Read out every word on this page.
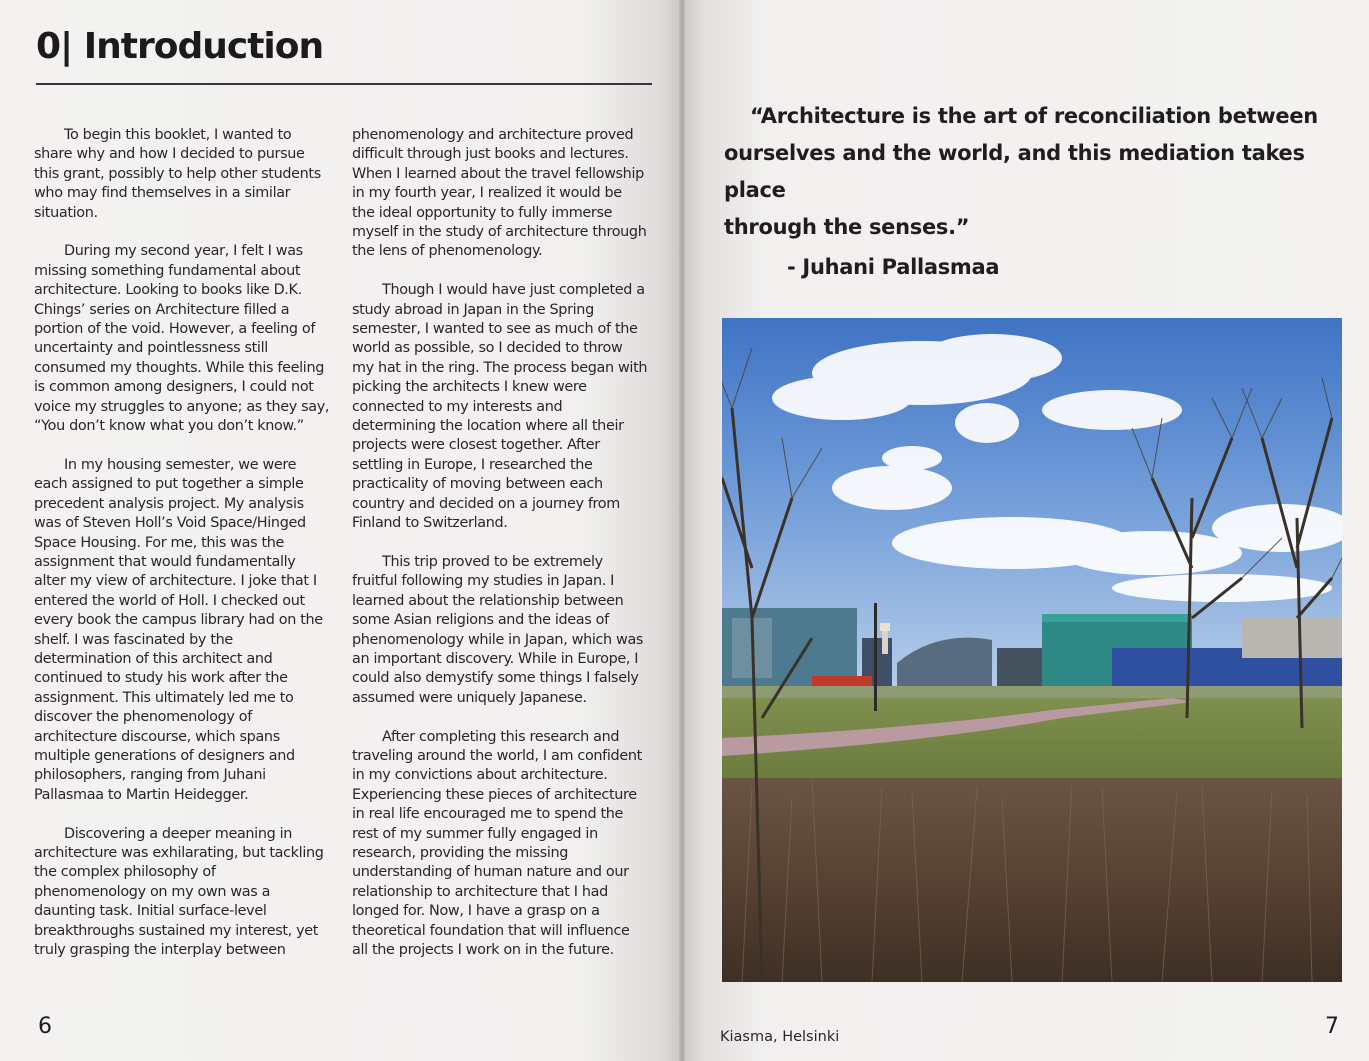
0| Introduction

To begin this booklet, I wanted to share why and how I decided to pursue this grant, possibly to help other students who may find themselves in a similar situation.

During my second year, I felt I was missing something fundamental about architecture. Looking to books like D.K. Chings’ series on Architecture filled a portion of the void. However, a feeling of uncertainty and pointlessness still consumed my thoughts. While this feeling is common among designers, I could not voice my struggles to anyone; as they say, “You don’t know what you don’t know.”

In my housing semester, we were each assigned to put together a simple precedent analysis project. My analysis was of Steven Holl’s Void Space/Hinged Space Housing. For me, this was the assignment that would fundamentally alter my view of architecture. I joke that I entered the world of Holl. I checked out every book the campus library had on the shelf. I was fascinated by the determination of this architect and continued to study his work after the assignment. This ultimately led me to discover the phenomenology of architecture discourse, which spans multiple generations of designers and philosophers, ranging from Juhani Pallasmaa to Martin Heidegger.

Discovering a deeper meaning in architecture was exhilarating, but tackling the complex philosophy of phenomenology on my own was a daunting task. Initial surface-level breakthroughs sustained my interest, yet truly grasping the interplay between

phenomenology and architecture proved difficult through just books and lectures. When I learned about the travel fellowship in my fourth year, I realized it would be the ideal opportunity to fully immerse myself in the study of architecture through the lens of phenomenology.

Though I would have just completed a study abroad in Japan in the Spring semester, I wanted to see as much of the world as possible, so I decided to throw my hat in the ring. The process began with picking the architects I knew were connected to my interests and determining the location where all their projects were closest together. After settling in Europe, I researched the practicality of moving between each country and decided on a journey from Finland to Switzerland.

This trip proved to be extremely fruitful following my studies in Japan. I learned about the relationship between some Asian religions and the ideas of phenomenology while in Japan, which was an important discovery. While in Europe, I could also demystify some things I falsely assumed were uniquely Japanese.

After completing this research and traveling around the world, I am confident in my convictions about architecture. Experiencing these pieces of architecture in real life encouraged me to spend the rest of my summer fully engaged in research, providing the missing understanding of human nature and our relationship to architecture that I had longed for. Now, I have a grasp on a theoretical foundation that will influence all the projects I work on in the future.

6
“Architecture is the art of reconciliation between
ourselves and the world, and this mediation takes place
through the senses.”
- Juhani Pallasmaa
Kiasma, Helsinki	7
